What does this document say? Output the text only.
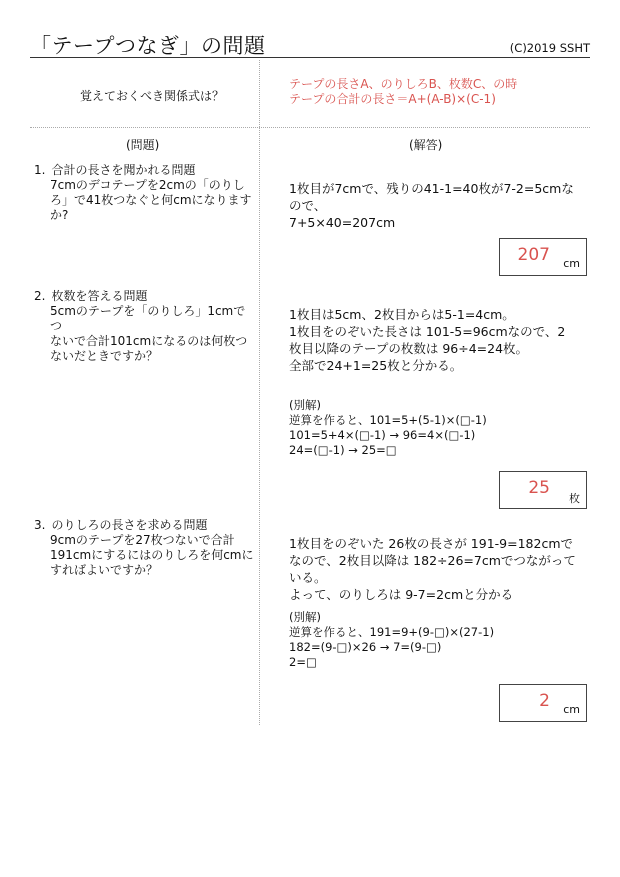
「テープつなぎ」の問題	(C)2019 SSHT
覚えておくべき関係式は？
テープの長さA、のりしろB、枚数C、の時
テープの合計の長さ＝A+(A-B)×(C-1)
(問題)	(解答)
1. 合計の長さを聞かれる問題
7cmのデコテープを2cmの「のりし
ろ」で41枚つなぐと何cmになります
か?
1枚目が7cmで、残りの41-1=40枚が7-2=5cmな
ので、
7+5×40=207cm
207 cm
2. 枚数を答える問題
5cmのテープを「のりしろ」1cmでつ
ないで合計101cmになるのは何枚つ
ないだときですか？
1枚目は5cm、2枚目からは5-1=4cm。
1枚目をのぞいた長さは 101-5=96cmなので、2
枚目以降のテープの枚数は 96÷4=24枚。
全部で24+1=25枚と分かる。
(別解)
逆算を作ると、101=5+(5-1)×(□-1)
101=5+4×(□-1) → 96=4×(□-1)
24=(□-1) → 25=□
25
枚
3. のりしろの長さを求める問題
9cmのテープを27枚つないで合計
191cmにするにはのりしろを何cmに
すればよいですか？
1枚目をのぞいた 26枚の長さが 191-9=182cmで
なので、2枚目以降は 182÷26=7cmでつながって
いる。
よって、のりしろは 9-7=2cmと分かる
(別解)
逆算を作ると、191=9+(9-□)×(27-1)
182=(9-□)×26 → 7=(9-□)
2=□
2 cm
